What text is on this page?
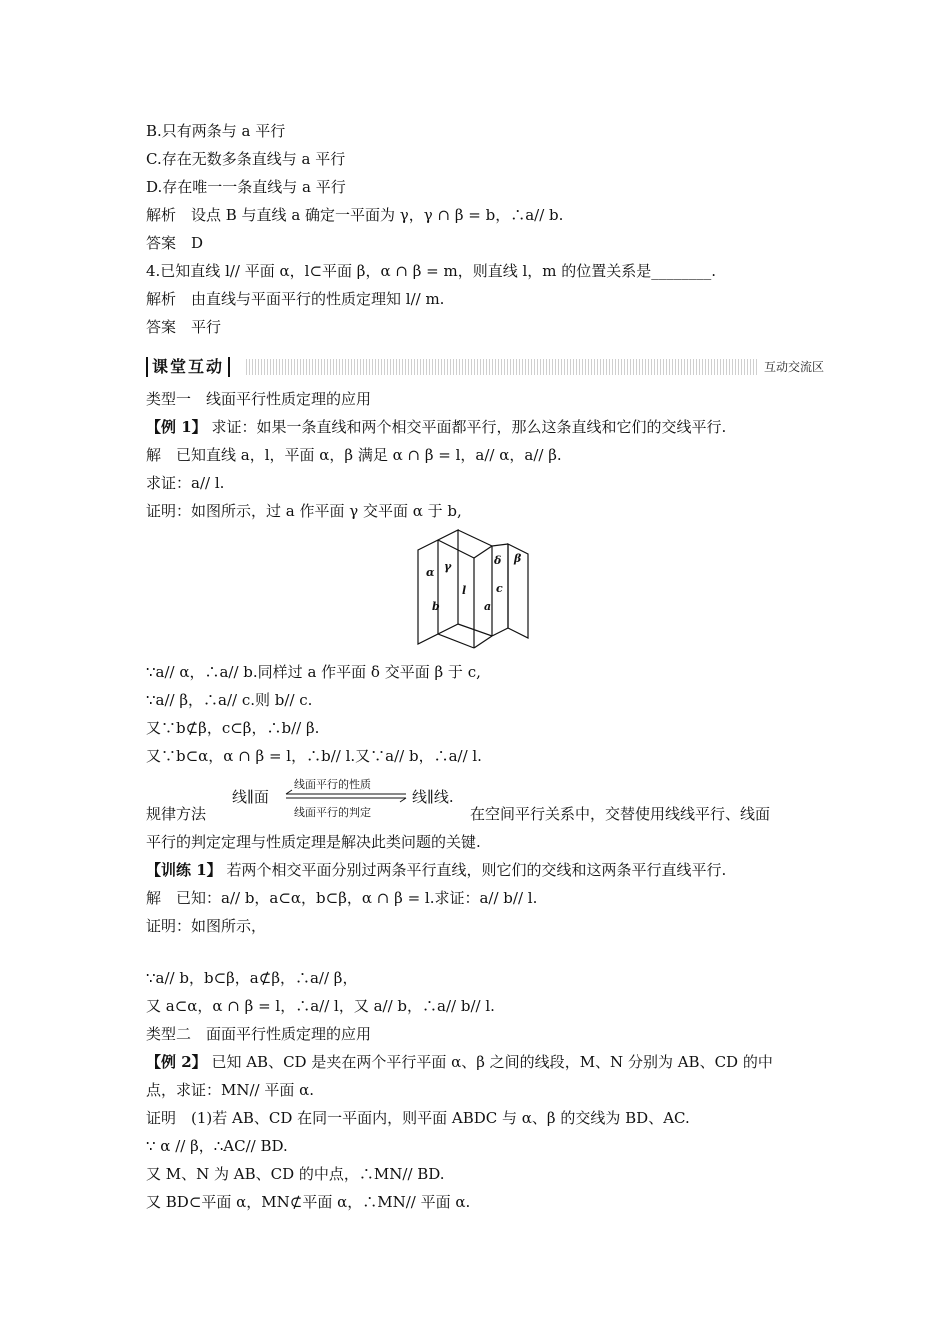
B.只有两条与 a 平行
C.存在无数多条直线与 a 平行
D.存在唯一一条直线与 a 平行
解析　设点 B 与直线 a 确定一平面为 γ，γ ∩ β = b，∴a// b.
答案　D
4.已知直线 l// 平面 α，l⊂平面 β，α ∩ β = m，则直线 l，m 的位置关系是________.
解析　由直线与平面平行的性质定理知 l// m.
答案　平行
课堂互动	互动交流区
类型一　线面平行性质定理的应用
【例 1】 求证：如果一条直线和两个相交平面都平行，那么这条直线和它们的交线平行.
解　已知直线 a，l，平面 α，β 满足 α ∩ β = l，a// α，a// β.
求证：a// l.
证明：如图所示，过 a 作平面 γ 交平面 α 于 b,
α γ	δ β
b
l	c
a
∵a// α，∴a// b.同样过 a 作平面 δ 交平面 β 于 c,
∵a// β，∴a// c.则 b// c.
又∵b⊄β，c⊂β，∴b// β.
又∵b⊂α，α ∩ β = l，∴b// l.又∵a// b，∴a// l.
线∥面
线面平行的性质
线面平行的判定
线∥线.
规律方法	在空间平行关系中，交替使用线线平行、线面
平行的判定定理与性质定理是解决此类问题的关键.
【训练 1】 若两个相交平面分别过两条平行直线，则它们的交线和这两条平行直线平行.
解　已知：a// b，a⊂α，b⊂β，α ∩ β = l.求证：a// b// l.
证明：如图所示，
∵a// b，b⊂β，a⊄β，∴a// β，
又 a⊂α，α ∩ β = l，∴a// l，又 a// b，∴a// b// l.
类型二　面面平行性质定理的应用
【例 2】 已知 AB、CD 是夹在两个平行平面 α、β 之间的线段，M、N 分别为 AB、CD 的中
点，求证：MN// 平面 α.
证明　(1)若 AB、CD 在同一平面内，则平面 ABDC 与 α、β 的交线为 BD、AC.
∵ α // β，∴AC// BD.
又 M、N 为 AB、CD 的中点，∴MN// BD.
又 BD⊂平面 α，MN⊄平面 α，∴MN// 平面 α.
